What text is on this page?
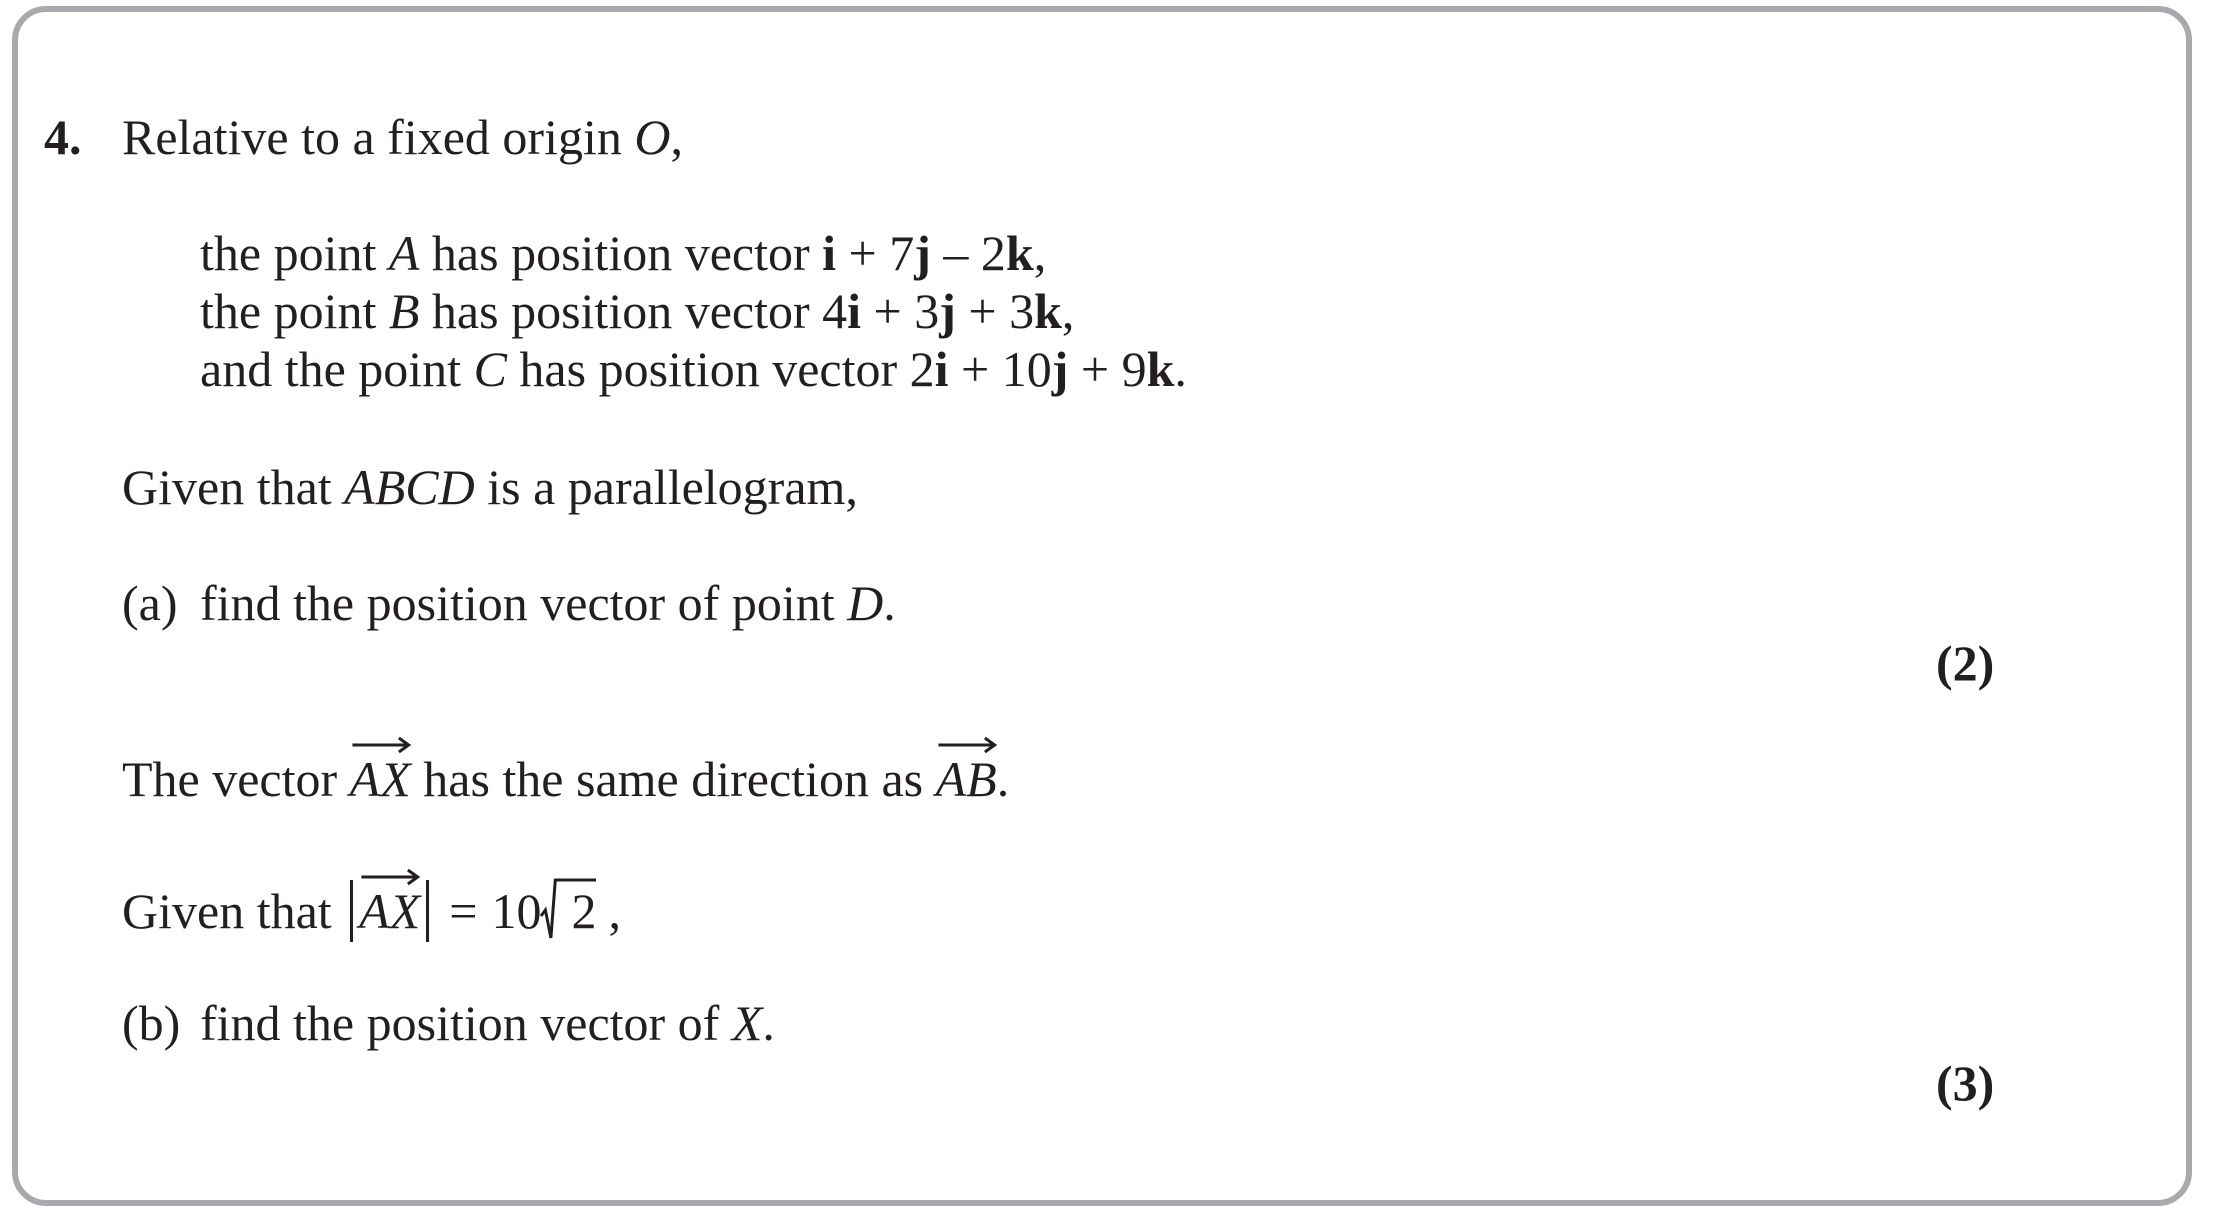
4. Relative to a fixed origin O,
the point A has position vector i + 7j – 2k,
the point B has position vector 4i + 3j + 3k,
and the point C has position vector 2i + 10j + 9k.
Given that ABCD is a parallelogram,
(a) find the position vector of point D.
(2)
The vector
AX has the same direction as
AB.
Given that
AX = 10 2 ,
(b) find the position vector of X.
(3)
